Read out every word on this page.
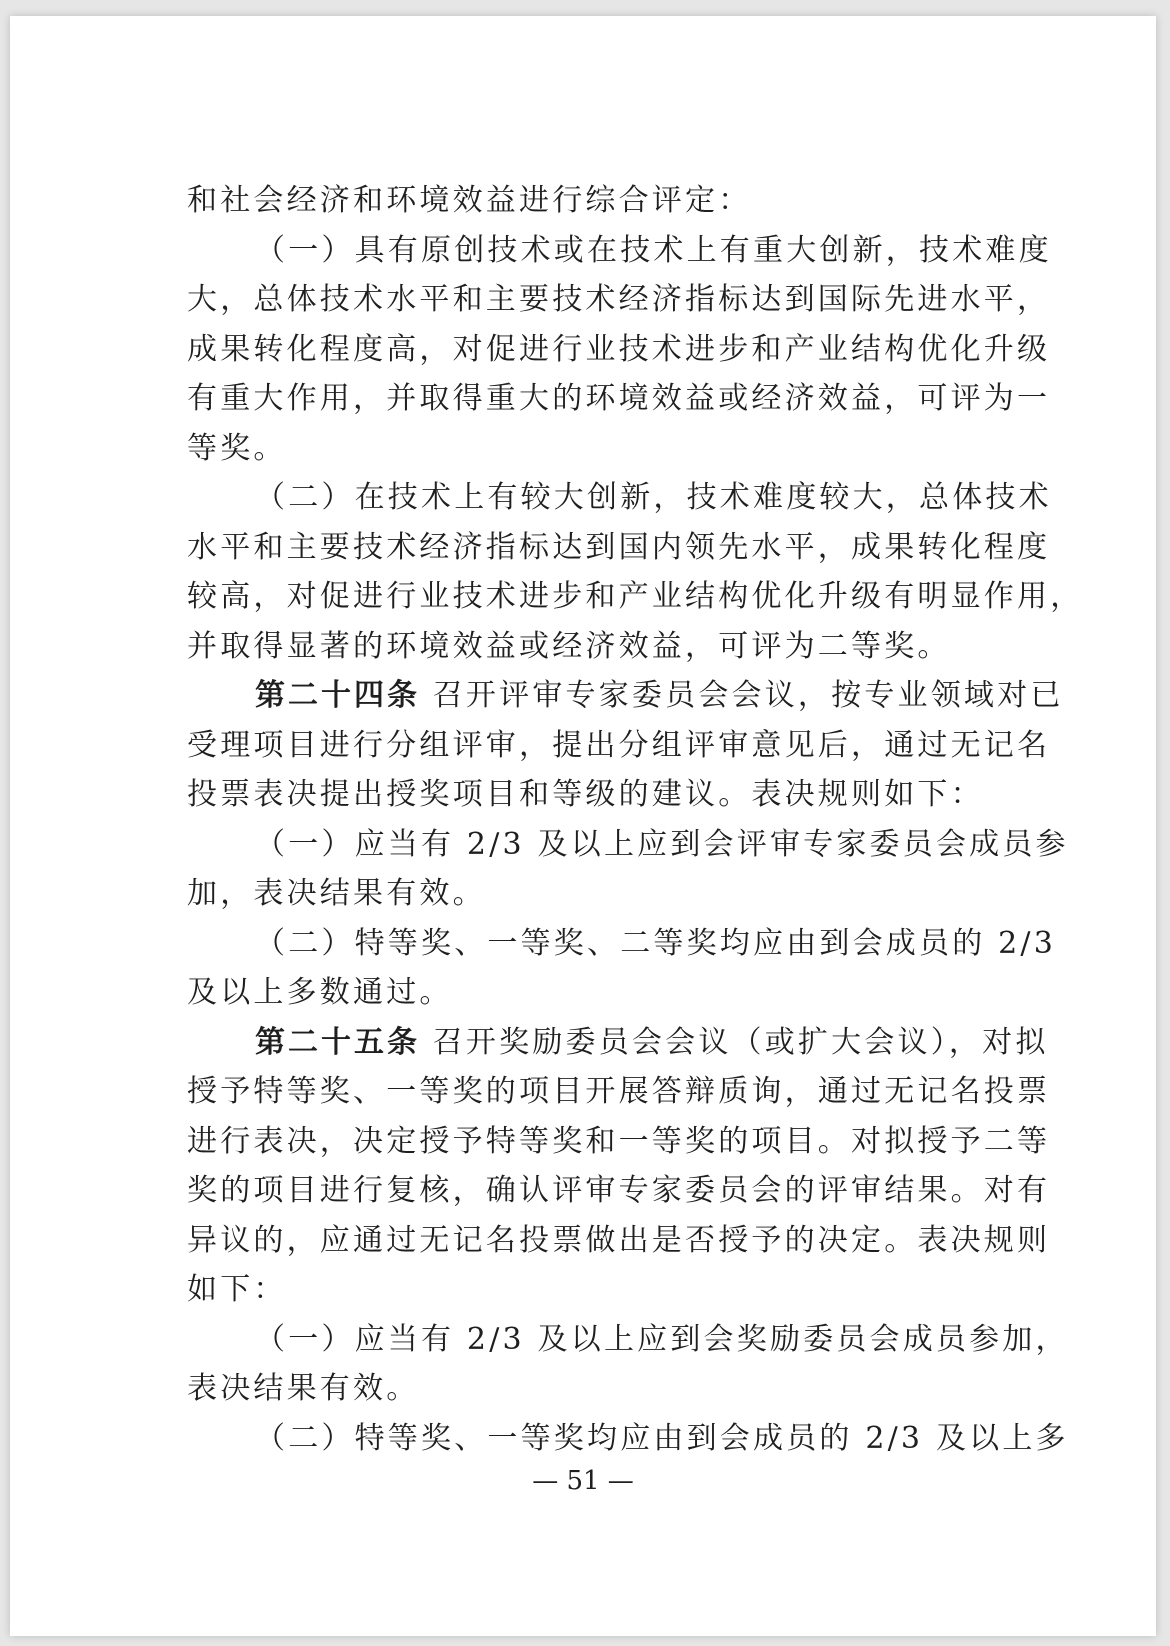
和社会经济和环境效益进行综合评定：
（一）具有原创技术或在技术上有重大创新，技术难度
大，总体技术水平和主要技术经济指标达到国际先进水平，
成果转化程度高，对促进行业技术进步和产业结构优化升级
有重大作用，并取得重大的环境效益或经济效益，可评为一
等奖。
（二）在技术上有较大创新，技术难度较大，总体技术
水平和主要技术经济指标达到国内领先水平，成果转化程度
较高，对促进行业技术进步和产业结构优化升级有明显作用，
并取得显著的环境效益或经济效益，可评为二等奖。
第二十四条 召开评审专家委员会会议，按专业领域对已
受理项目进行分组评审，提出分组评审意见后，通过无记名
投票表决提出授奖项目和等级的建议。表决规则如下：
（一）应当有 2/3 及以上应到会评审专家委员会成员参
加，表决结果有效。
（二）特等奖、一等奖、二等奖均应由到会成员的 2/3
及以上多数通过。
第二十五条 召开奖励委员会会议（或扩大会议），对拟
授予特等奖、一等奖的项目开展答辩质询，通过无记名投票
进行表决，决定授予特等奖和一等奖的项目。对拟授予二等
奖的项目进行复核，确认评审专家委员会的评审结果。对有
异议的，应通过无记名投票做出是否授予的决定。表决规则
如下：
（一）应当有 2/3 及以上应到会奖励委员会成员参加，
表决结果有效。
（二）特等奖、一等奖均应由到会成员的 2/3 及以上多
— 51 —
